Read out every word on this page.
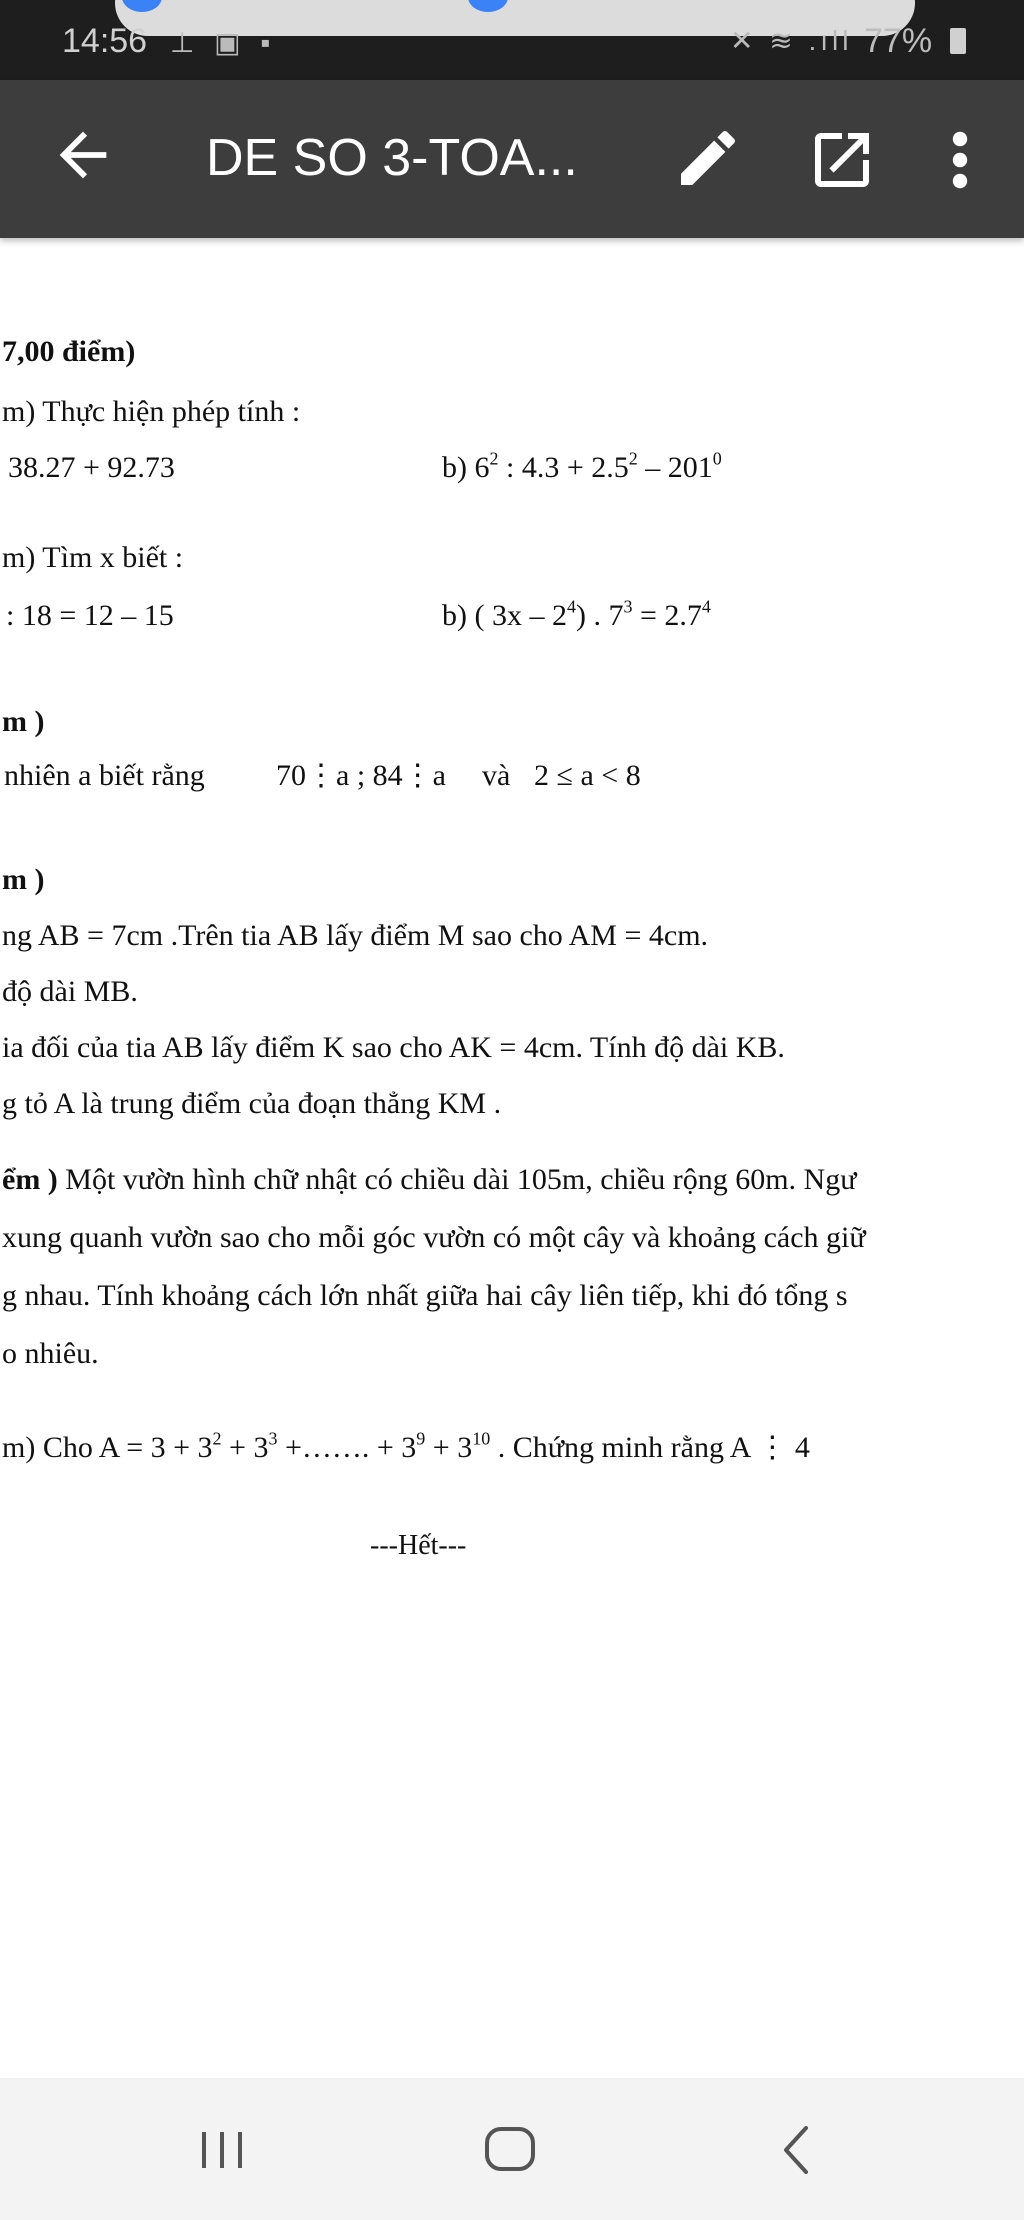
14:56 ⊥ ▣ ▪	✕ ≋ .ıll 77%
DE SO 3-TOA...
7,00 điểm)
m) Thực hiện phép tính :
38.27 + 92.73	b) $6^2$ : $4.3 + 2.5^2 - 201^0$
m) Tìm x biết :
: 18 = 12 – 15	b) ( $3x - 2^4$) . $7^3 = 2.7^4$
m )
nhiên a biết rằng 70⋮a ; 84⋮a và 2 ≤ a < 8
m )
ng AB = 7cm .Trên tia AB lấy điểm M sao cho AM = 4cm.
độ dài MB.
ia đối của tia AB lấy điểm K sao cho AK = 4cm. Tính độ dài KB.
g tỏ A là trung điểm của đoạn thẳng KM .
ểm ) Một vườn hình chữ nhật có chiều dài 105m, chiều rộng 60m. Ngư
xung quanh vườn sao cho mỗi góc vườn có một cây và khoảng cách giữ
g nhau. Tính khoảng cách lớn nhất giữa hai cây liên tiếp, khi đó tổng s
o nhiêu.
m) Cho $A = 3 + 3^2 + 3^3$ +……. + $3^9 + 3^{10}$ . Chứng minh rằng A ⋮ 4
---Hết---
